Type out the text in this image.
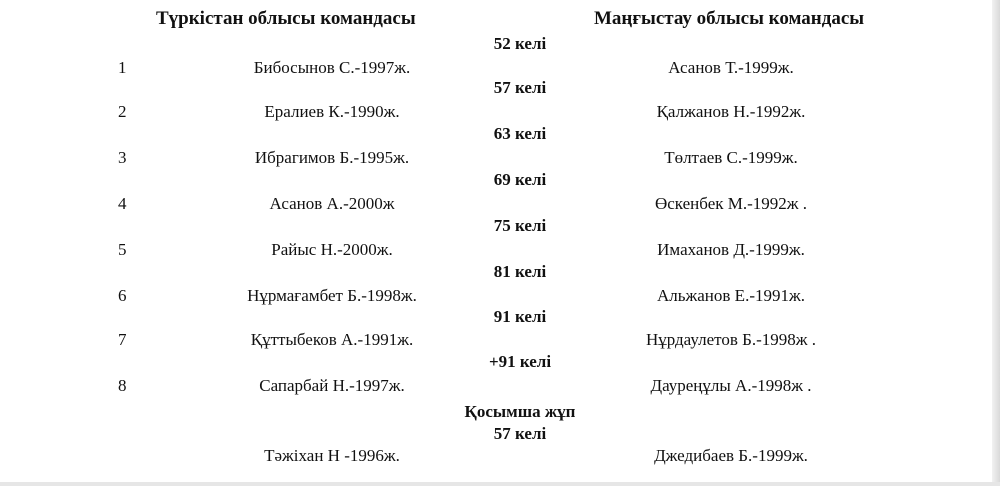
Түркістан облысы командасы	Маңғыстау облысы командасы
52 келі
1	Бибосынов С.-1997ж.	Асанов Т.-1999ж.
57 келі
2	Ералиев К.-1990ж.	Қалжанов Н.-1992ж.
63 келі
3	Ибрагимов Б.-1995ж.	Төлтаев С.-1999ж.
69 келі
4	Асанов А.-2000ж	Өскенбек М.-1992ж .
75 келі
5	Райыс Н.-2000ж.	Имаханов Д.-1999ж.
81 келі
6	Нұрмағамбет Б.-1998ж.	Альжанов Е.-1991ж.
91 келі
7	Құттыбеков А.-1991ж.	Нұрдаулетов Б.-1998ж .
+91 келі
8	Сапарбай Н.-1997ж.	Дауреңұлы А.-1998ж .
Қосымша жұп
57 келі
Тәжіхан Н -1996ж.	Джедибаев Б.-1999ж.
